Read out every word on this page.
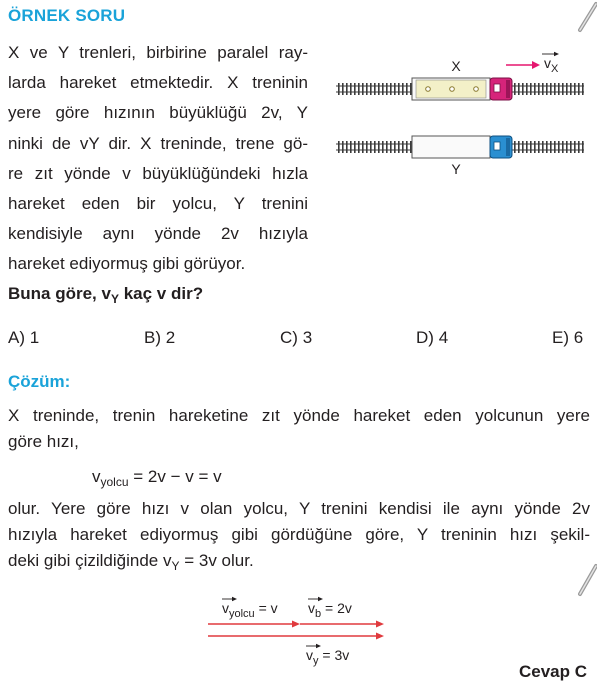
ÖRNEK SORU
X ve Y trenleri, birbirine paralel ray-
larda hareket etmektedir. X treninin
yere göre hızının büyüklüğü 2v, Y
ninki de vY dir. X treninde, trene gö-
re zıt yönde v büyüklüğündeki hızla
hareket eden bir yolcu, Y trenini
kendisiyle aynı yönde 2v hızıyla
hareket ediyormuş gibi görüyor.
X	$v_X$
Y
Buna göre, $v_Y$ kaç v dir?
A) 1	B) 2	C) 3	D) 4	E) 6
Çözüm:
X treninde, trenin hareketine zıt yönde hareket eden yolcunun yere
göre hızı,
$v_{yolcu} = 2v - v = v$
olur. Yere göre hızı v olan yolcu, Y trenini kendisi ile aynı yönde 2v
hızıyla hareket ediyormuş gibi gördüğüne göre, Y treninin hızı şekil-
deki gibi çizildiğinde $v_Y = 3v$ olur.
$v_{yolcu} = v$ $v_b = 2v$
$v_y = 3v$
Cevap C
